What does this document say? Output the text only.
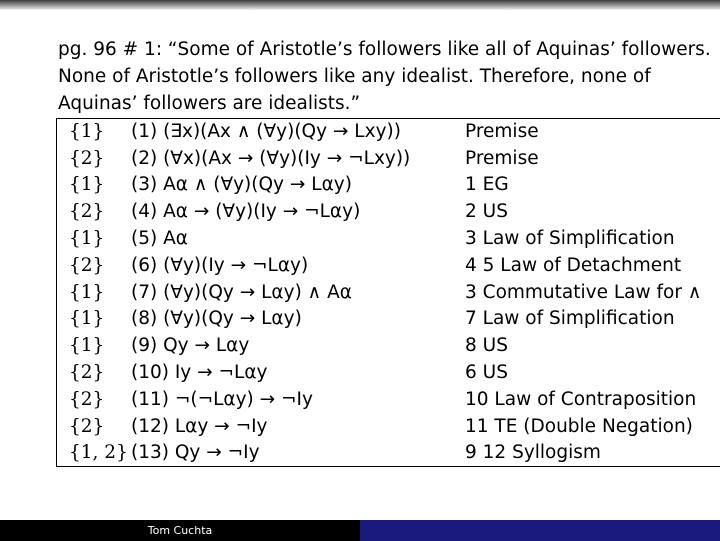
pg. 96 # 1: “Some of Aristotle’s followers like all of Aquinas’ followers. None of Aristotle’s followers like any idealist. Therefore, none of Aquinas’ followers are idealists.”

{1}	(1) (∃x)(Ax ∧ (∀y)(Qy → Lxy))	Premise
{2}	(2) (∀x)(Ax → (∀y)(Iy → ¬Lxy))	Premise
{1}	(3) Aα ∧ (∀y)(Qy → Lαy)	1 EG
{2}	(4) Aα → (∀y)(Iy → ¬Lαy)	2 US
{1}	(5) Aα	3 Law of Simplification
{2}	(6) (∀y)(Iy → ¬Lαy)	4 5 Law of Detachment
{1}	(7) (∀y)(Qy → Lαy) ∧ Aα	3 Commutative Law for ∧
{1}	(8) (∀y)(Qy → Lαy)	7 Law of Simplification
{1}	(9) Qy → Lαy	8 US
{2}	(10) Iy → ¬Lαy	6 US
{2}	(11) ¬(¬Lαy) → ¬Iy	10 Law of Contraposition
{2}	(12) Lαy → ¬Iy	11 TE (Double Negation)
{1, 2} (13) Qy → ¬Iy	9 12 Syllogism
Tom Cuchta
